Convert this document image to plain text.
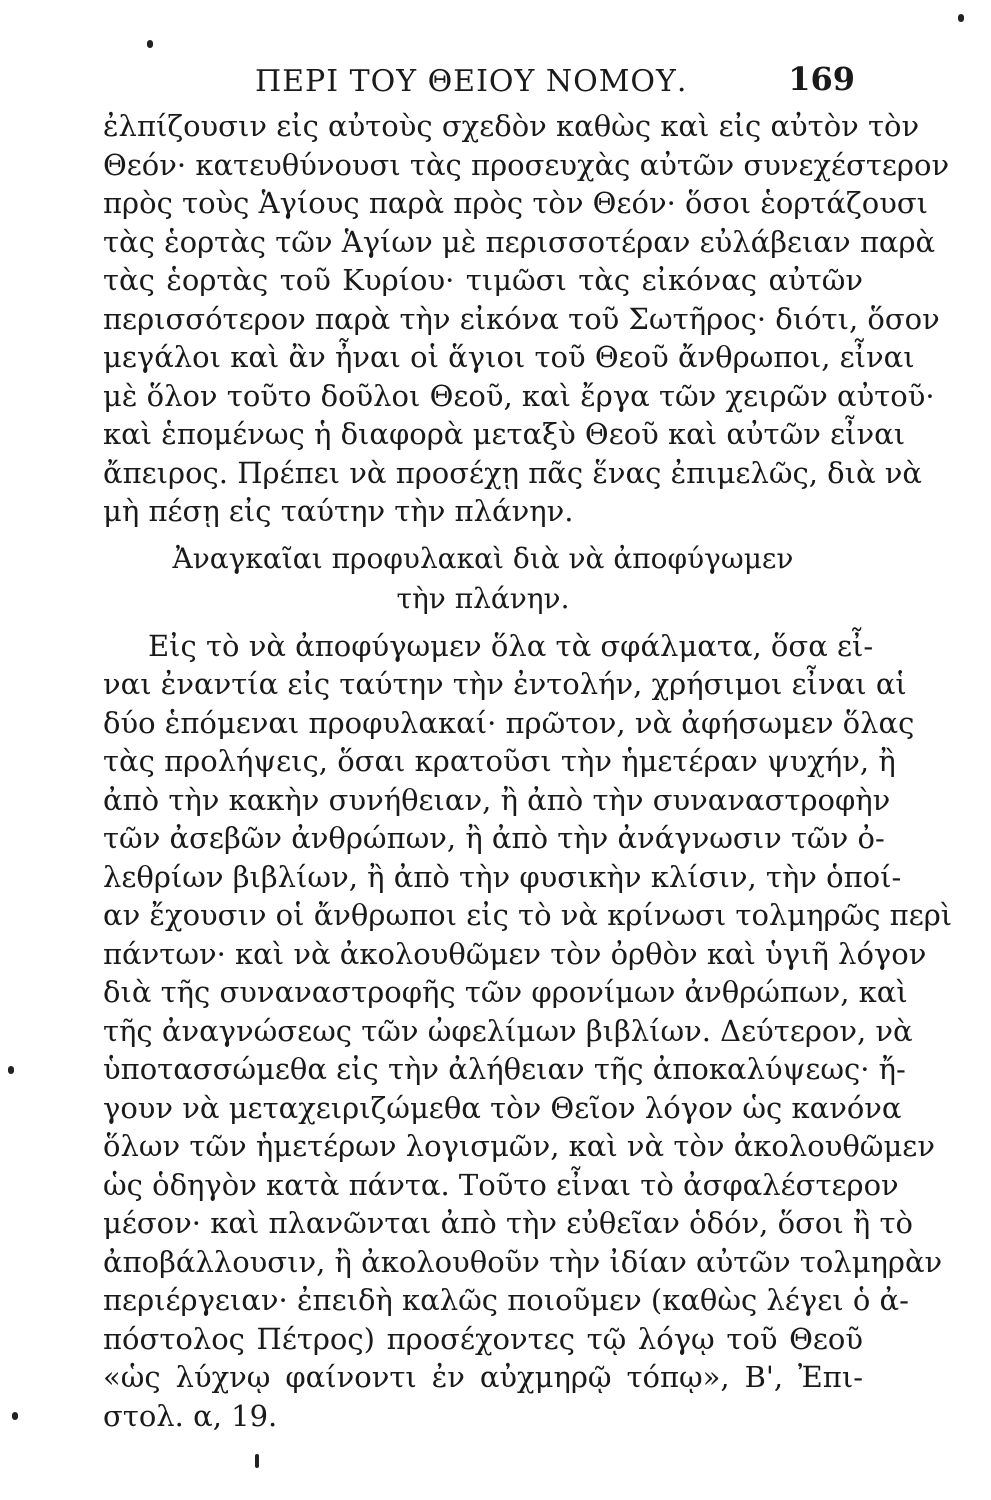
ΠΕΡΙ ΤΟΥ ΘΕΙΟΥ ΝΟΜΟΥ.	169
ἐλπίζουσιν εἰς αὐτοὺς σχεδὸν καθὼς καὶ εἰς αὐτὸν τὸν
Θεόν· κατευθύνουσι τὰς προσευχὰς αὐτῶν συνεχέστερον
πρὸς τοὺς Ἁγίους παρὰ πρὸς τὸν Θεόν· ὅσοι ἑορτάζουσι
τὰς ἑορτὰς τῶν Ἁγίων μὲ περισσοτέραν εὐλάβειαν παρὰ
τὰς ἑορτὰς τοῦ Κυρίου· τιμῶσι τὰς εἰκόνας αὐτῶν
περισσότερον παρὰ τὴν εἰκόνα τοῦ Σωτῆρος· διότι, ὅσον
μεγάλοι καὶ ἂν ἦναι οἱ ἅγιοι τοῦ Θεοῦ ἄνθρωποι, εἶναι
μὲ ὅλον τοῦτο δοῦλοι Θεοῦ, καὶ ἔργα τῶν χειρῶν αὐτοῦ·
καὶ ἑπομένως ἡ διαφορὰ μεταξὺ Θεοῦ καὶ αὐτῶν εἶναι
ἄπειρος. Πρέπει νὰ προσέχῃ πᾶς ἕνας ἐπιμελῶς, διὰ νὰ
μὴ πέσῃ εἰς ταύτην τὴν πλάνην.
Ἀναγκαῖαι προφυλακαὶ διὰ νὰ ἀποφύγωμεν
τὴν πλάνην.
Εἰς τὸ νὰ ἀποφύγωμεν ὅλα τὰ σφάλματα, ὅσα εἶ-
ναι ἐναντία εἰς ταύτην τὴν ἐντολήν, χρήσιμοι εἶναι αἱ
δύο ἑπόμεναι προφυλακαί· πρῶτον, νὰ ἀφήσωμεν ὅλας
τὰς προλήψεις, ὅσαι κρατοῦσι τὴν ἡμετέραν ψυχήν, ἢ
ἀπὸ τὴν κακὴν συνήθειαν, ἢ ἀπὸ τὴν συναναστροφὴν
τῶν ἀσεβῶν ἀνθρώπων, ἢ ἀπὸ τὴν ἀνάγνωσιν τῶν ὀ-
λεθρίων βιβλίων, ἢ ἀπὸ τὴν φυσικὴν κλίσιν, τὴν ὁποί-
αν ἔχουσιν οἱ ἄνθρωποι εἰς τὸ νὰ κρίνωσι τολμηρῶς περὶ
πάντων· καὶ νὰ ἀκολουθῶμεν τὸν ὀρθὸν καὶ ὑγιῆ λόγον
διὰ τῆς συναναστροφῆς τῶν φρονίμων ἀνθρώπων, καὶ
τῆς ἀναγνώσεως τῶν ὠφελίμων βιβλίων. Δεύτερον, νὰ
ὑποτασσώμεθα εἰς τὴν ἀλήθειαν τῆς ἀποκαλύψεως· ἤ-
γουν νὰ μεταχειριζώμεθα τὸν Θεῖον λόγον ὡς κανόνα
ὅλων τῶν ἡμετέρων λογισμῶν, καὶ νὰ τὸν ἀκολουθῶμεν
ὡς ὁδηγὸν κατὰ πάντα. Τοῦτο εἶναι τὸ ἀσφαλέστερον
μέσον· καὶ πλανῶνται ἀπὸ τὴν εὐθεῖαν ὁδόν, ὅσοι ἢ τὸ
ἀποβάλλουσιν, ἢ ἀκολουθοῦν τὴν ἰδίαν αὐτῶν τολμηρὰν
περιέργειαν· ἐπειδὴ καλῶς ποιοῦμεν (καθὼς λέγει ὁ ἀ-
πόστολος Πέτρος) προσέχοντες τῷ λόγῳ τοῦ Θεοῦ
«ὡς λύχνῳ φαίνοντι ἐν αὐχμηρῷ τόπῳ», Β', Ἐπι-
στολ. α, 19.
